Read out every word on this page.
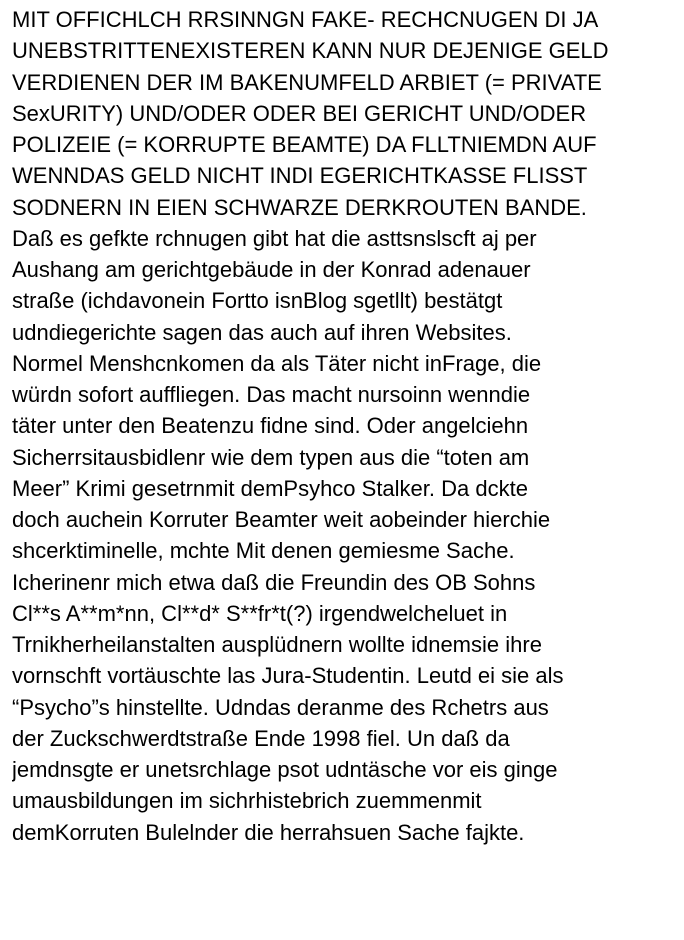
MIT OFFICHLCH RRSINNGN FAKE- RECHCNUGEN DI JA
UNEBSTRITTENEXISTEREN KANN NUR DEJENIGE GELD
VERDIENEN DER IM BAKENUMFELD ARBIET (= PRIVATE
SexURITY) UND/ODER ODER BEI GERICHT UND/ODER
POLIZEIE (= KORRUPTE BEAMTE) DA FLLTNIEMDN AUF
WENNDAS GELD NICHT INDI EGERICHTKASSE FLISST
SODNERN IN EIEN SCHWARZE DERKROUTEN BANDE.
Daß es gefkte rchnugen gibt hat die asttsnslscft aj per
Aushang am gerichtgebäude in der Konrad adenauer
straße (ichdavonein Fortto isnBlog sgetllt) bestätgt
udndiegerichte sagen das auch auf ihren Websites.
Normel Menshcnkomen da als Täter nicht inFrage, die
würdn sofort auffliegen. Das macht nursoinn wenndie
täter unter den Beatenzu fidne sind. Oder angelciehn
Sicherrsitausbidlenr wie dem typen aus die “toten am
Meer” Krimi gesetrnmit demPsyhco Stalker. Da dckte
doch auchein Korruter Beamter weit aobeinder hierchie
shcerktiminelle, mchte Mit denen gemiesme Sache.
Icherinenr mich etwa daß die Freundin des OB Sohns
Cl**s A**m*nn, Cl**d* S**fr*t(?) irgendwelcheluet in
Trnikherheilanstalten ausplüdnern wollte idnemsie ihre
vornschft vortäuschte las Jura-Studentin. Leutd ei sie als
“Psycho”s hinstellte. Udndas deranme des Rchetrs aus
der Zuckschwerdtstraße Ende 1998 fiel. Un daß da
jemdnsgte er unetsrchlage psot udntäsche vor eis ginge
umausbildungen im sichrhistebrich zuemmenmit
demKorruten Bulelnder die herrahsuen Sache fajkte.
